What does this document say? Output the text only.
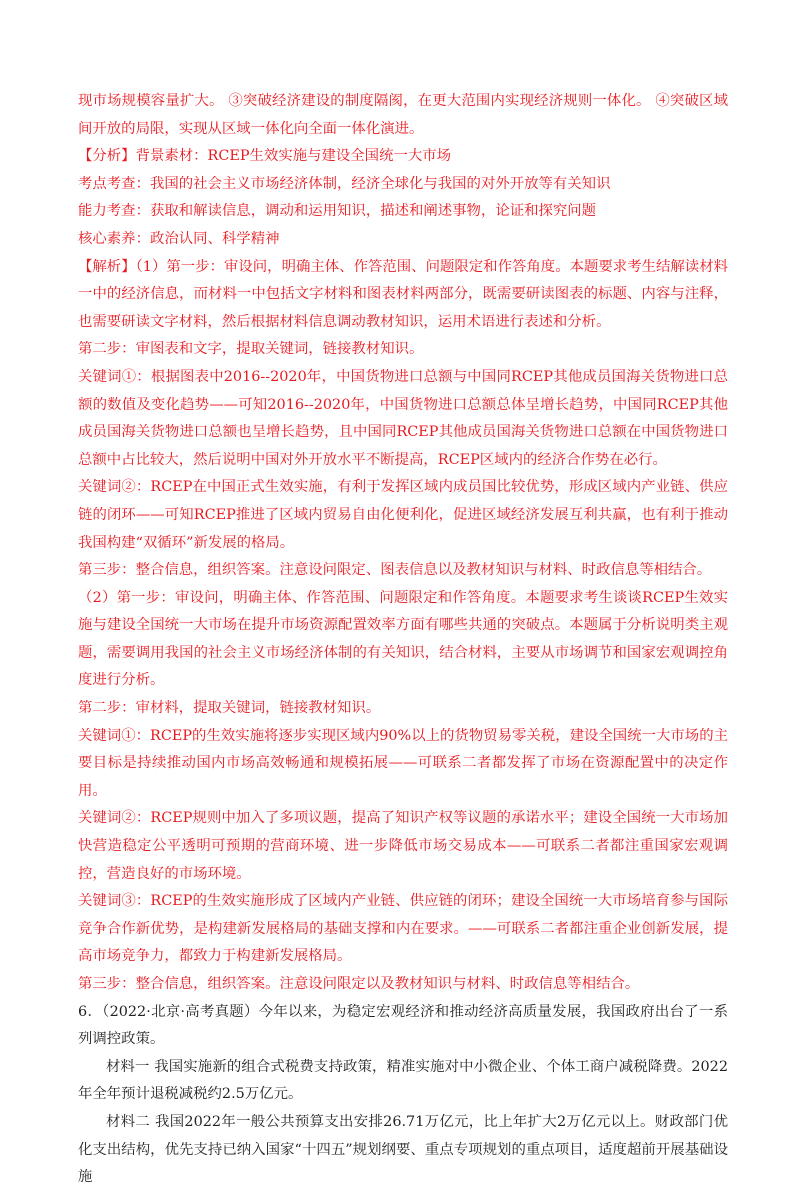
现市场规模容量扩大。 ③突破经济建设的制度隔阂，在更大范围内实现经济规则一体化。 ④突破区域间开放的局限，实现从区域一体化向全面一体化演进。

【分析】背景素材：RCEP生效实施与建设全国统一大市场

考点考查：我国的社会主义市场经济体制，经济全球化与我国的对外开放等有关知识

能力考查：获取和解读信息，调动和运用知识，描述和阐述事物，论证和探究问题

核心素养：政治认同、科学精神

【解析】（1）第一步：审设问，明确主体、作答范围、问题限定和作答角度。本题要求考生结解读材料一中的经济信息，而材料一中包括文字材料和图表材料两部分，既需要研读图表的标题、内容与注释，也需要研读文字材料，然后根据材料信息调动教材知识，运用术语进行表述和分析。

第二步：审图表和文字，提取关键词，链接教材知识。

关键词①：根据图表中2016--2020年，中国货物进口总额与中国同RCEP其他成员国海关货物进口总额的数值及变化趋势——可知2016--2020年，中国货物进口总额总体呈增长趋势，中国同RCEP其他成员国海关货物进口总额也呈增长趋势，且中国同RCEP其他成员国海关货物进口总额在中国货物进口总额中占比较大，然后说明中国对外开放水平不断提高，RCEP区域内的经济合作势在必行。

关键词②：RCEP在中国正式生效实施，有利于发挥区域内成员国比较优势，形成区域内产业链、供应链的闭环——可知RCEP推进了区域内贸易自由化便利化，促进区域经济发展互利共赢，也有利于推动我国构建“双循环”新发展的格局。

第三步：整合信息，组织答案。注意设问限定、图表信息以及教材知识与材料、时政信息等相结合。

（2）第一步：审设问，明确主体、作答范围、问题限定和作答角度。本题要求考生谈谈RCEP生效实施与建设全国统一大市场在提升市场资源配置效率方面有哪些共通的突破点。本题属于分析说明类主观题，需要调用我国的社会主义市场经济体制的有关知识，结合材料，主要从市场调节和国家宏观调控角度进行分析。

第二步：审材料，提取关键词，链接教材知识。

关键词①：RCEP的生效实施将逐步实现区域内90%以上的货物贸易零关税，建设全国统一大市场的主要目标是持续推动国内市场高效畅通和规模拓展——可联系二者都发挥了市场在资源配置中的决定作用。

关键词②：RCEP规则中加入了多项议题，提高了知识产权等议题的承诺水平；建设全国统一大市场加快营造稳定公平透明可预期的营商环境、进一步降低市场交易成本——可联系二者都注重国家宏观调控，营造良好的市场环境。

关键词③：RCEP的生效实施形成了区域内产业链、供应链的闭环；建设全国统一大市场培育参与国际竞争合作新优势，是构建新发展格局的基础支撑和内在要求。——可联系二者都注重企业创新发展，提高市场竞争力，都致力于构建新发展格局。

第三步：整合信息，组织答案。注意设问限定以及教材知识与材料、时政信息等相结合。

6．（2022·北京·高考真题）今年以来，为稳定宏观经济和推动经济高质量发展，我国政府出台了一系列调控政策。

材料一 我国实施新的组合式税费支持政策，精准实施对中小微企业、个体工商户减税降费。2022年全年预计退税减税约2.5万亿元。

材料二 我国2022年一般公共预算支出安排26.71万亿元，比上年扩大2万亿元以上。财政部门优化支出结构，优先支持已纳入国家“十四五”规划纲要、重点专项规划的重点项目，适度超前开展基础设施
